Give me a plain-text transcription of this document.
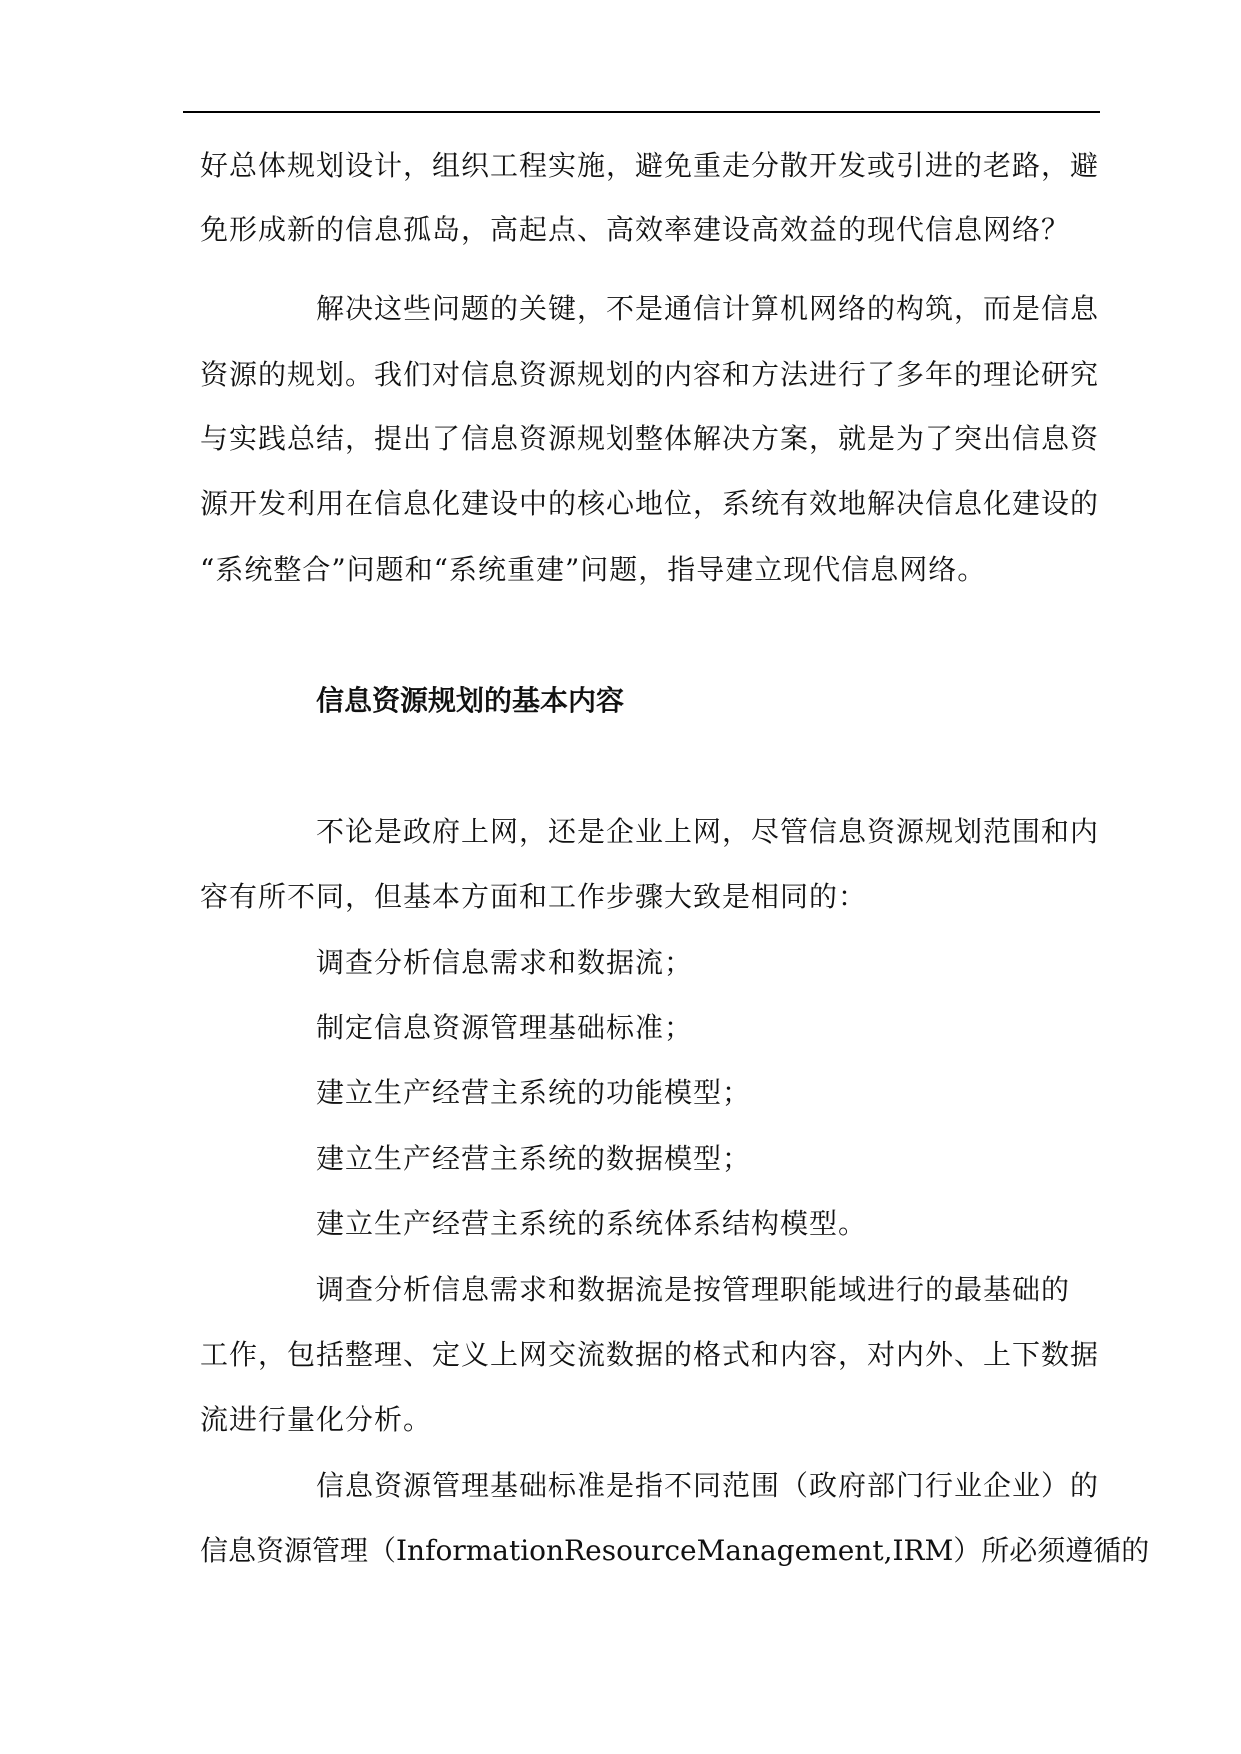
好总体规划设计，组织工程实施，避免重走分散开发或引进的老路，避
免形成新的信息孤岛，高起点、高效率建设高效益的现代信息网络？
解决这些问题的关键，不是通信计算机网络的构筑，而是信息
资源的规划。我们对信息资源规划的内容和方法进行了多年的理论研究
与实践总结，提出了信息资源规划整体解决方案，就是为了突出信息资
源开发利用在信息化建设中的核心地位，系统有效地解决信息化建设的
“系统整合”问题和“系统重建”问题，指导建立现代信息网络。
信息资源规划的基本内容
不论是政府上网，还是企业上网，尽管信息资源规划范围和内
容有所不同，但基本方面和工作步骤大致是相同的：
调查分析信息需求和数据流；
制定信息资源管理基础标准；
建立生产经营主系统的功能模型；
建立生产经营主系统的数据模型；
建立生产经营主系统的系统体系结构模型。
调查分析信息需求和数据流是按管理职能域进行的最基础的
工作，包括整理、定义上网交流数据的格式和内容，对内外、上下数据
流进行量化分析。
信息资源管理基础标准是指不同范围（政府部门行业企业）的
信息资源管理（InformationResourceManagement,IRM）所必须遵循的
